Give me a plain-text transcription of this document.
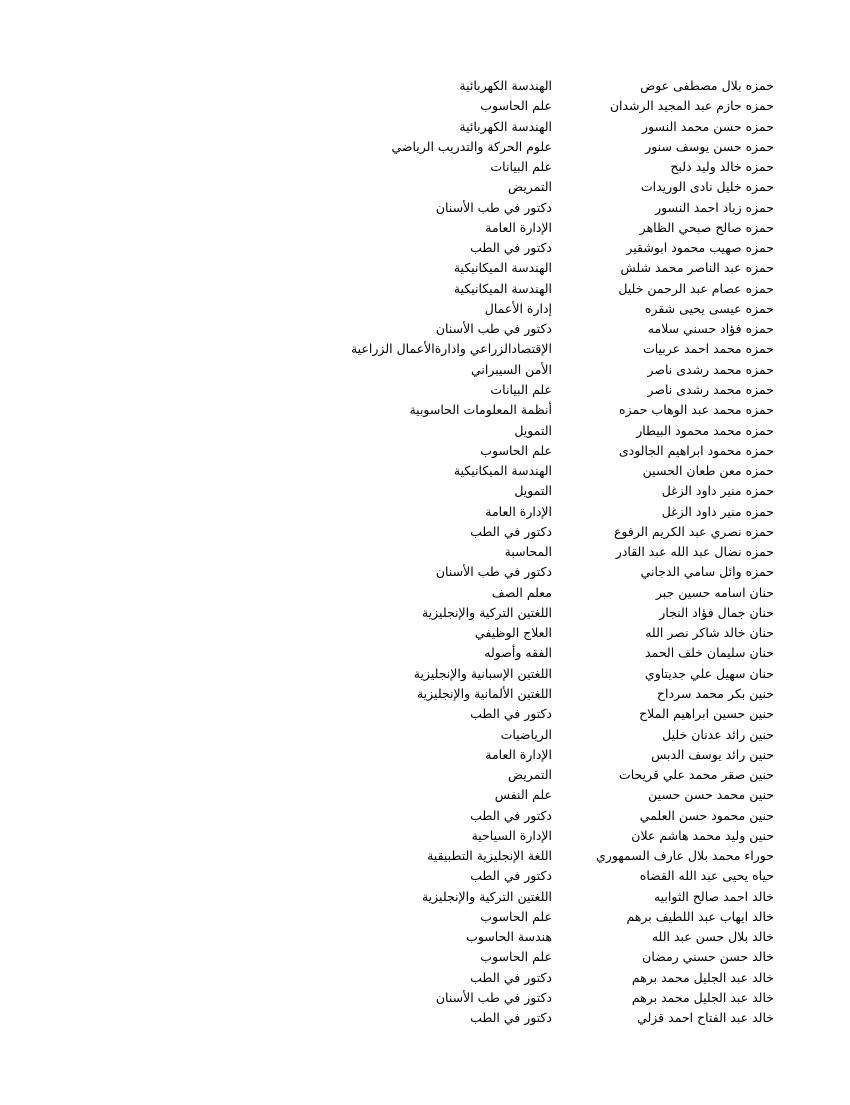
حمزه بلال مصطفى عوض
الهندسة الكهربائية
حمزه حازم عبد المجيد الرشدان
علم الحاسوب
حمزه حسن محمد النسور
الهندسة الكهربائية
حمزه حسن يوسف سنور
علوم الحركة والتدريب الرياضي
حمزه خالد وليد دلبح
علم البيانات
حمزه خليل نادى الوريدات
التمريض
حمزه زياد احمد النسور
دكتور في طب الأسنان
حمزه صالح صبحي الظاهر
الإدارة العامة
حمزه صهيب محمود ابوشقير
دكتور في الطب
حمزه عبد الناصر محمد شلش
الهندسة الميكانيكية
حمزه عصام عبد الرحمن خليل
الهندسة الميكانيكية
حمزه عيسى يحيى شقره
إدارة الأعمال
حمزه فؤاد حسني سلامه
دكتور في طب الأسنان
حمزه محمد احمد عربيات
الإقتصادالزراعي وادارةالأعمال الزراعية
حمزه محمد رشدى ناصر
الأمن السيبراني
حمزه محمد رشدى ناصر
علم البيانات
حمزه محمد عبد الوهاب حمزه
أنظمة المعلومات الحاسوبية
حمزه محمد محمود البيطار
التمويل
حمزه محمود ابراهيم الجالودى
علم الحاسوب
حمزه معن طعان الحسين
الهندسة الميكانيكية
حمزه منير داود الزغل
التمويل
حمزه منير داود الزغل
الإدارة العامة
حمزه نصري عبد الكريم الرفوع
دكتور في الطب
حمزه نضال عبد الله عبد القادر
المحاسبة
حمزه وائل سامي الدجاني
دكتور في طب الأسنان
حنان اسامه حسين جبر
معلم الصف
حنان جمال فؤاد النجار
اللغتين التركية والإنجليزية
حنان خالد شاكر نصر الله
العلاج الوظيفي
حنان سليمان خلف الحمد
الفقه وأصوله
حنان سهيل علي جديتاوي
اللغتين الإسبانية والإنجليزية
حنين بكر محمد سرداح
اللغتين الألمانية والإنجليزية
حنين حسين ابراهيم الملاح
دكتور في الطب
حنين رائد عدنان خليل
الرياضيات
حنين رائد يوسف الدبس
الإدارة العامة
حنين صقر محمد علي قريحات
التمريض
حنين محمد حسن حسين
علم النفس
حنين محمود حسن العلمي
دكتور في الطب
حنين وليد محمد هاشم علان
الإدارة السياحية
حوراء محمد بلال عارف السمهوري
اللغة الإنجليزية التطبيقية
حياه يحيى عبد الله القضاه
دكتور في الطب
خالد احمد صالح الثوابيه
اللغتين التركية والإنجليزية
خالد ايهاب عبد اللطيف برهم
علم الحاسوب
خالد بلال حسن عبد الله
هندسة الحاسوب
خالد حسن حسني رمضان
علم الحاسوب
خالد عبد الجليل محمد برهم
دكتور في الطب
خالد عبد الجليل محمد برهم
دكتور في طب الأسنان
خالد عبد الفتاح احمد قزلي
دكتور في الطب
